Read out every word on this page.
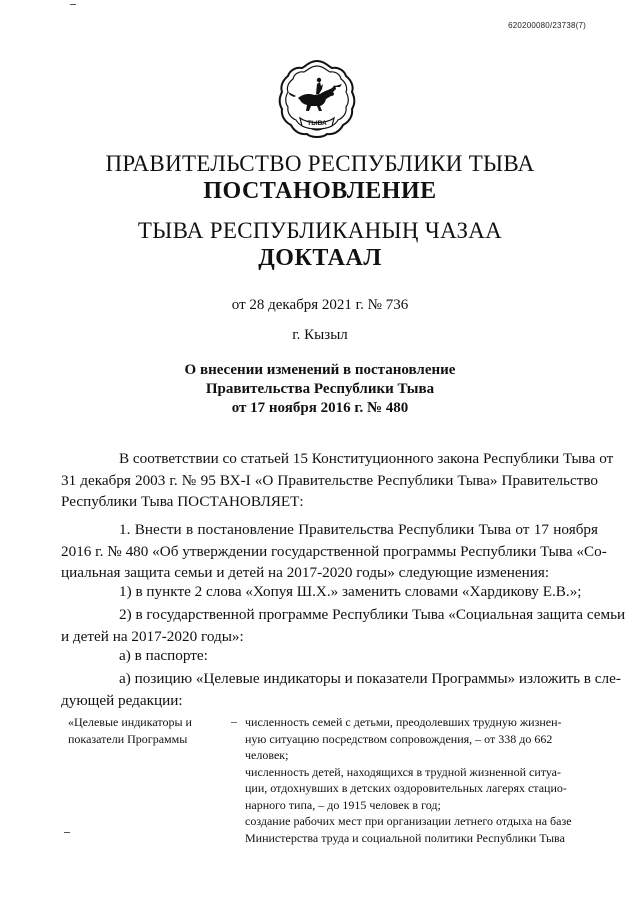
620200080/23738(7)
ТЫВА
ПРАВИТЕЛЬСТВО РЕСПУБЛИКИ ТЫВА
ПОСТАНОВЛЕНИЕ
ТЫВА РЕСПУБЛИКАНЫҢ ЧАЗАА
ДОКТААЛ
от 28 декабря 2021 г. № 736
г. Кызыл
О внесении изменений в постановление
Правительства Республики Тыва
от 17 ноября 2016 г. № 480
В соответствии со статьей 15 Конституционного закона Республики Тыва от
31 декабря 2003 г. № 95 ВХ-I «О Правительстве Республики Тыва» Правительство
Республики Тыва ПОСТАНОВЛЯЕТ:
1. Внести в постановление Правительства Республики Тыва от 17 ноября
2016 г. № 480 «Об утверждении государственной программы Республики Тыва «Со-
циальная защита семьи и детей на 2017-2020 годы» следующие изменения:
1) в пункте 2 слова «Хопуя Ш.Х.» заменить словами «Хардикову Е.В.»;
2) в государственной программе Республики Тыва «Социальная защита семьи
и детей на 2017-2020 годы»:
а) в паспорте:
а) позицию «Целевые индикаторы и показатели Программы» изложить в сле-
дующей редакции:
«Целевые индикаторы и
показатели Программы
– численность семей с детьми, преодолевших трудную жизнен-
ную ситуацию посредством сопровождения, – от 338 до 662
человек;
численность детей, находящихся в трудной жизненной ситуа-
ции, отдохнувших в детских оздоровительных лагерях стацио-
нарного типа, – до 1915 человек в год;
создание рабочих мест при организации летнего отдыха на базе
Министерства труда и социальной политики Республики Тыва
